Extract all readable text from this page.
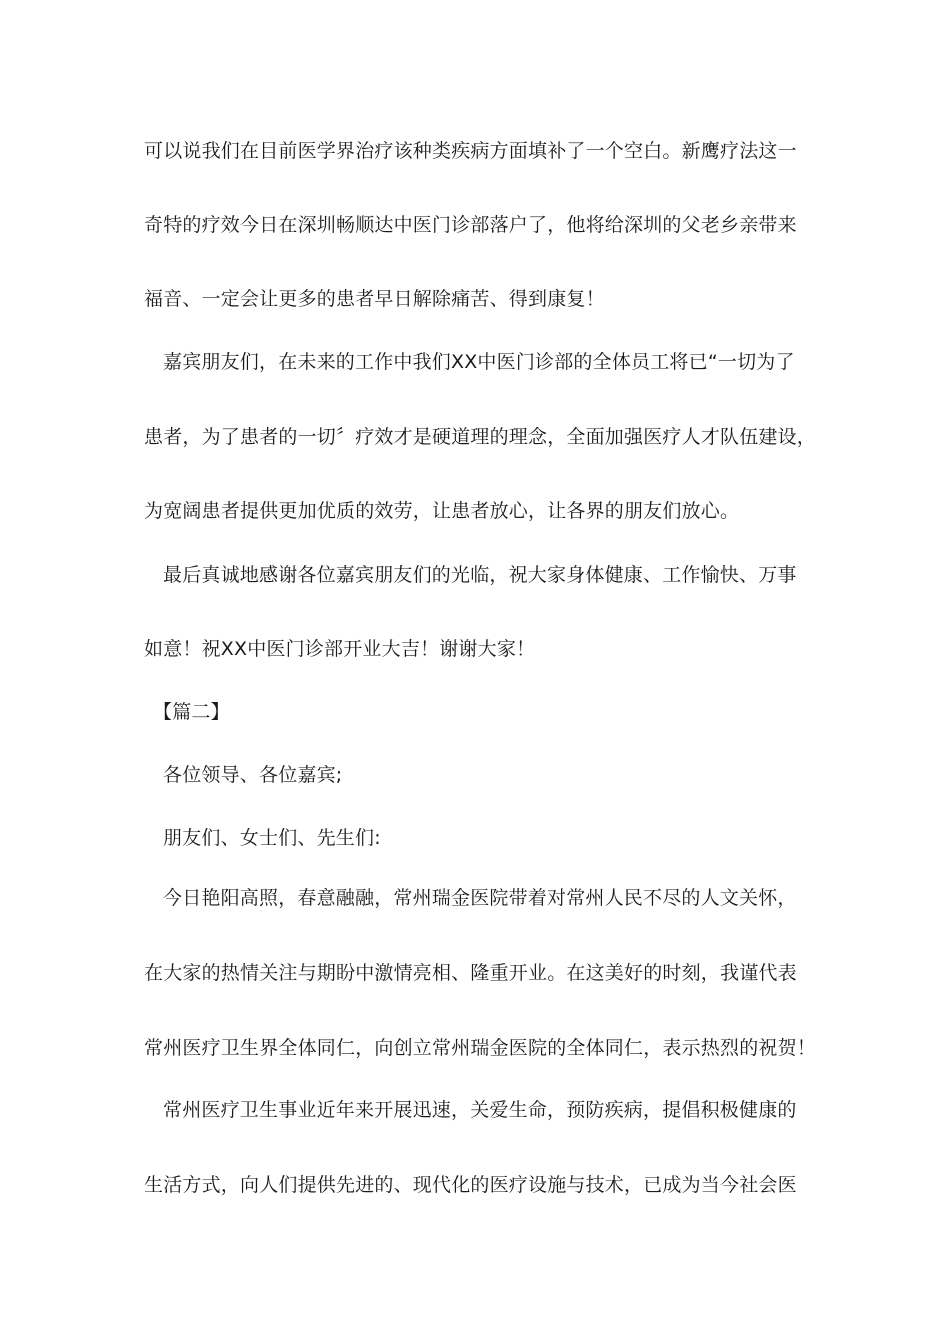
可以说我们在目前医学界治疗该种类疾病方面填补了一个空白。新鹰疗法这一
奇特的疗效今日在深圳畅顺达中医门诊部落户了，他将给深圳的父老乡亲带来
福音、一定会让更多的患者早日解除痛苦、得到康复！
嘉宾朋友们，在未来的工作中我们XX中医门诊部的全体员工将已“一切为了
患者，为了患者的一切〞疗效才是硬道理的理念，全面加强医疗人才队伍建设，
为宽阔患者提供更加优质的效劳，让患者放心，让各界的朋友们放心。
最后真诚地感谢各位嘉宾朋友们的光临，祝大家身体健康、工作愉快、万事
如意！祝XX中医门诊部开业大吉！谢谢大家！
【篇二】
各位领导、各位嘉宾;
朋友们、女士们、先生们:
今日艳阳高照，春意融融，常州瑞金医院带着对常州人民不尽的人文关怀，
在大家的热情关注与期盼中激情亮相、隆重开业。在这美好的时刻，我谨代表
常州医疗卫生界全体同仁，向创立常州瑞金医院的全体同仁，表示热烈的祝贺！
常州医疗卫生事业近年来开展迅速，关爱生命，预防疾病，提倡积极健康的
生活方式，向人们提供先进的、现代化的医疗设施与技术，已成为当今社会医
